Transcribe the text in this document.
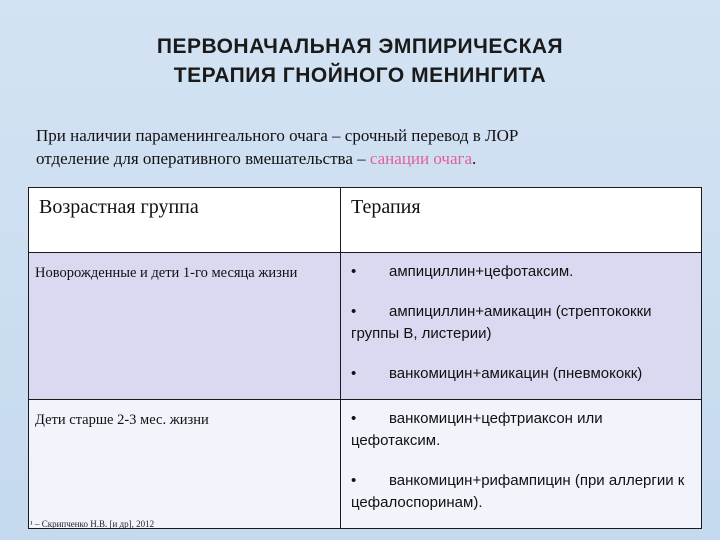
ПЕРВОНАЧАЛЬНАЯ ЭМПИРИЧЕСКАЯ
ТЕРАПИЯ ГНОЙНОГО МЕНИНГИТА
При наличии параменингеального очага – срочный перевод в ЛОР
отделение для оперативного вмешательства – санации очага.
Возрастная группа	Терапия
Новорожденные и дети 1-го месяца жизни	• ампициллин+цефотаксим.
• ампициллин+амикацин (стрептококки группы В, листерии)
• ванкомицин+амикацин (пневмококк)

Дети старше 2-3 мес. жизни	• ванкомицин+цефтриаксон или цефотаксим.
• ванкомицин+рифампицин (при аллергии к цефалоспоринам).
¹ – Скрипченко Н.В. [и др], 2012
